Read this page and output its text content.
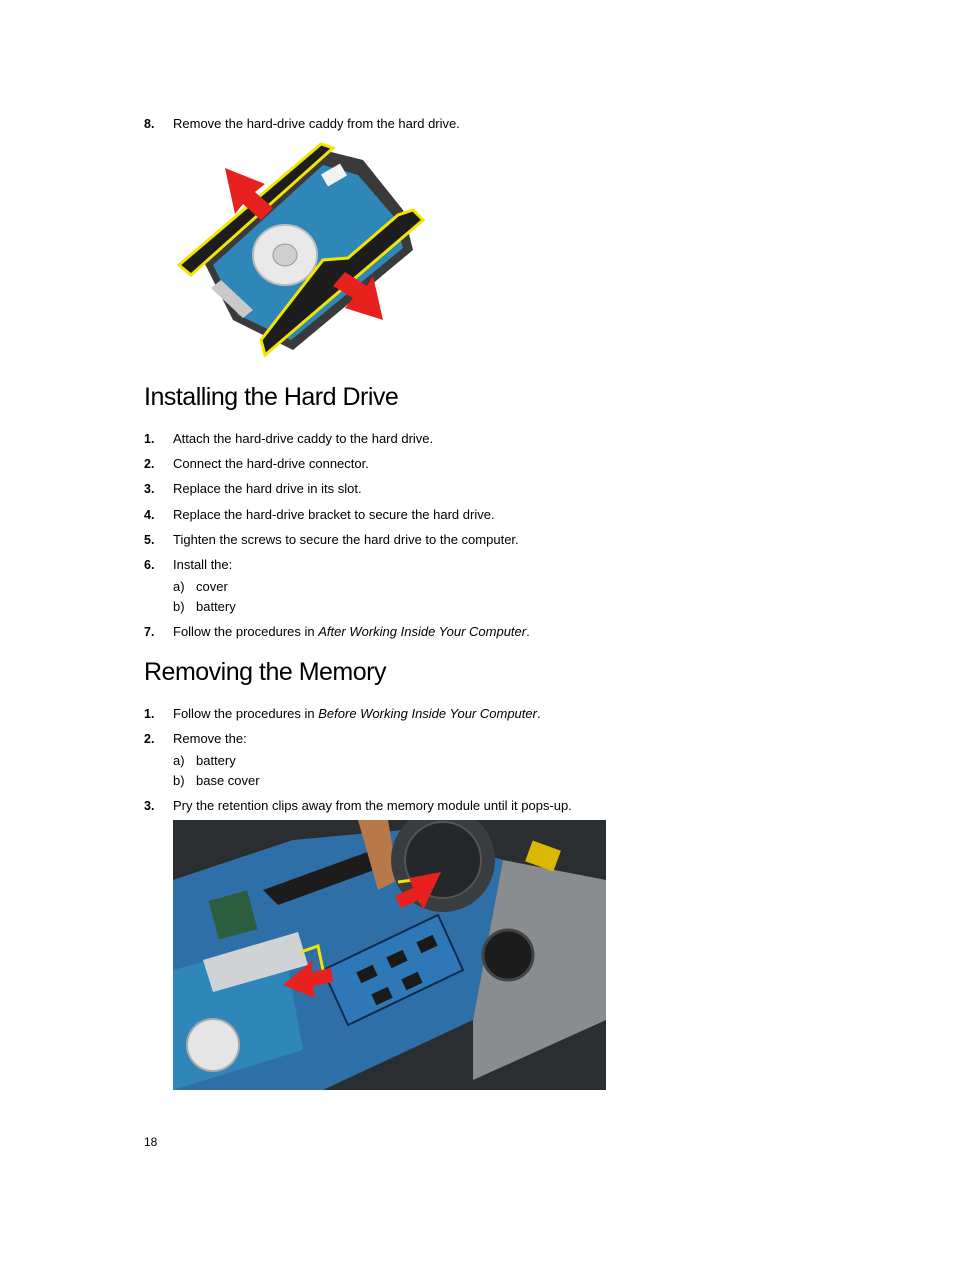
8. Remove the hard-drive caddy from the hard drive.
Installing the Hard Drive
1. Attach the hard-drive caddy to the hard drive.
2. Connect the hard-drive connector.
3. Replace the hard drive in its slot.
4. Replace the hard-drive bracket to secure the hard drive.
5. Tighten the screws to secure the hard drive to the computer.
6. Install the:
a) cover
b) battery
7. Follow the procedures in After Working Inside Your Computer.
Removing the Memory
1. Follow the procedures in Before Working Inside Your Computer.
2. Remove the:
a) battery
b) base cover
3. Pry the retention clips away from the memory module until it pops-up.
18
